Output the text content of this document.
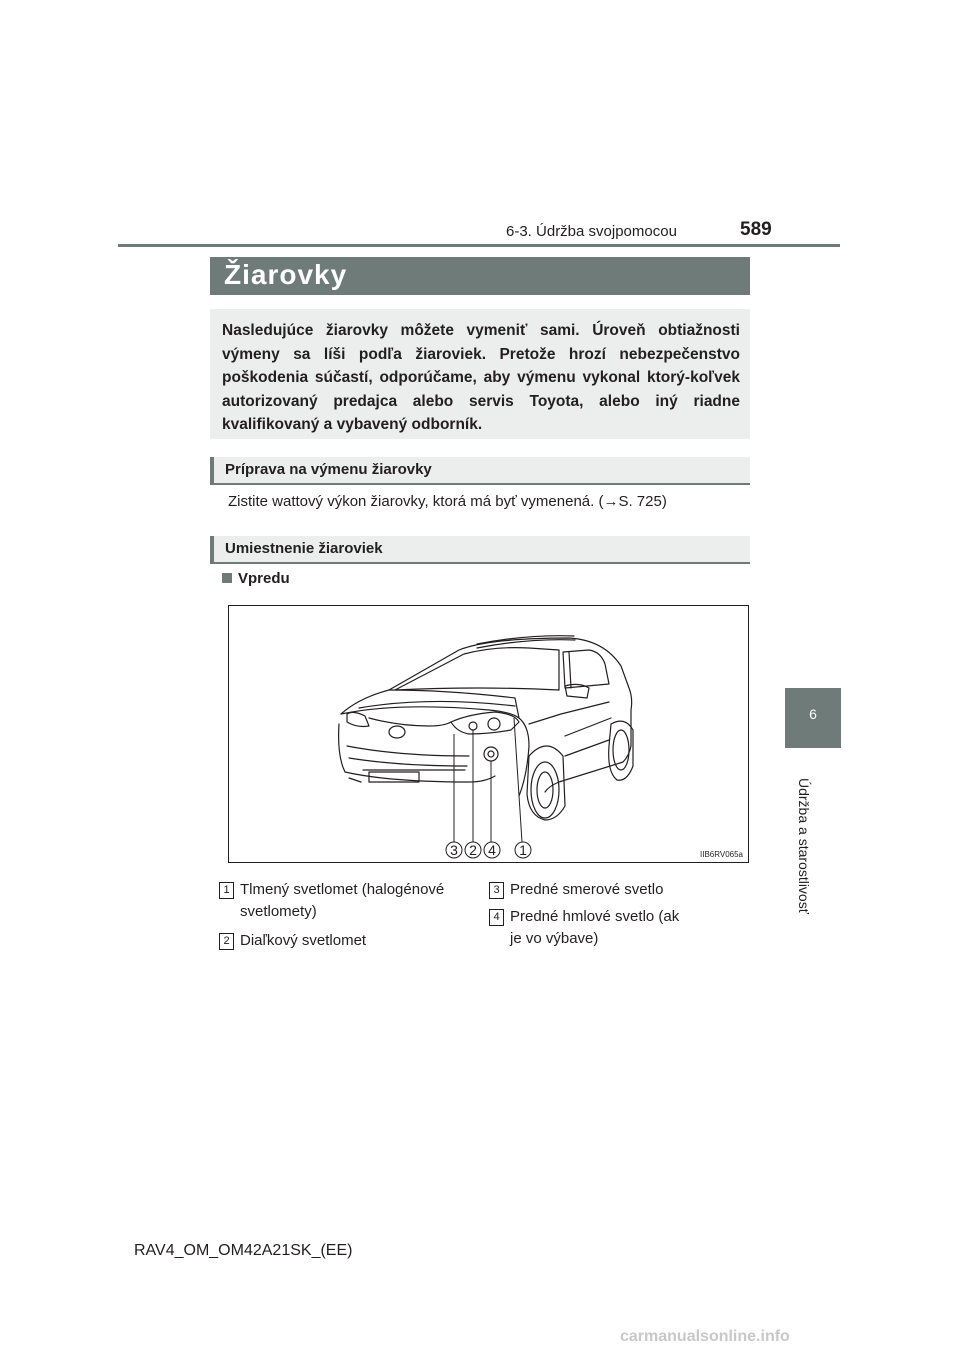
6-3. Údržba svojpomocou	589
6
Údržba a starostlivosť
Žiarovky
Nasledujúce žiarovky môžete vymeniť sami. Úroveň obtiažnosti výmeny sa líši podľa žiaroviek. Pretože hrozí nebezpečenstvo poškodenia súčastí, odporúčame, aby výmenu vykonal ktorý-koľvek autorizovaný predajca alebo servis Toyota, alebo iný riadne kvalifikovaný a vybavený odborník.
Príprava na výmenu žiarovky
Zistite wattový výkon žiarovky, ktorá má byť vymenená. (→S. 725)
Umiestnenie žiaroviek
Vpredu
3 2 4 1	IIB6RV065a
1 Tlmený svetlomet (halogénové svetlomety)
2 Diaľkový svetlomet
3 Predné smerové svetlo
4 Predné hmlové svetlo (ak je vo výbave)
RAV4_OM_OM42A21SK_(EE)
carmanualsonline.info
